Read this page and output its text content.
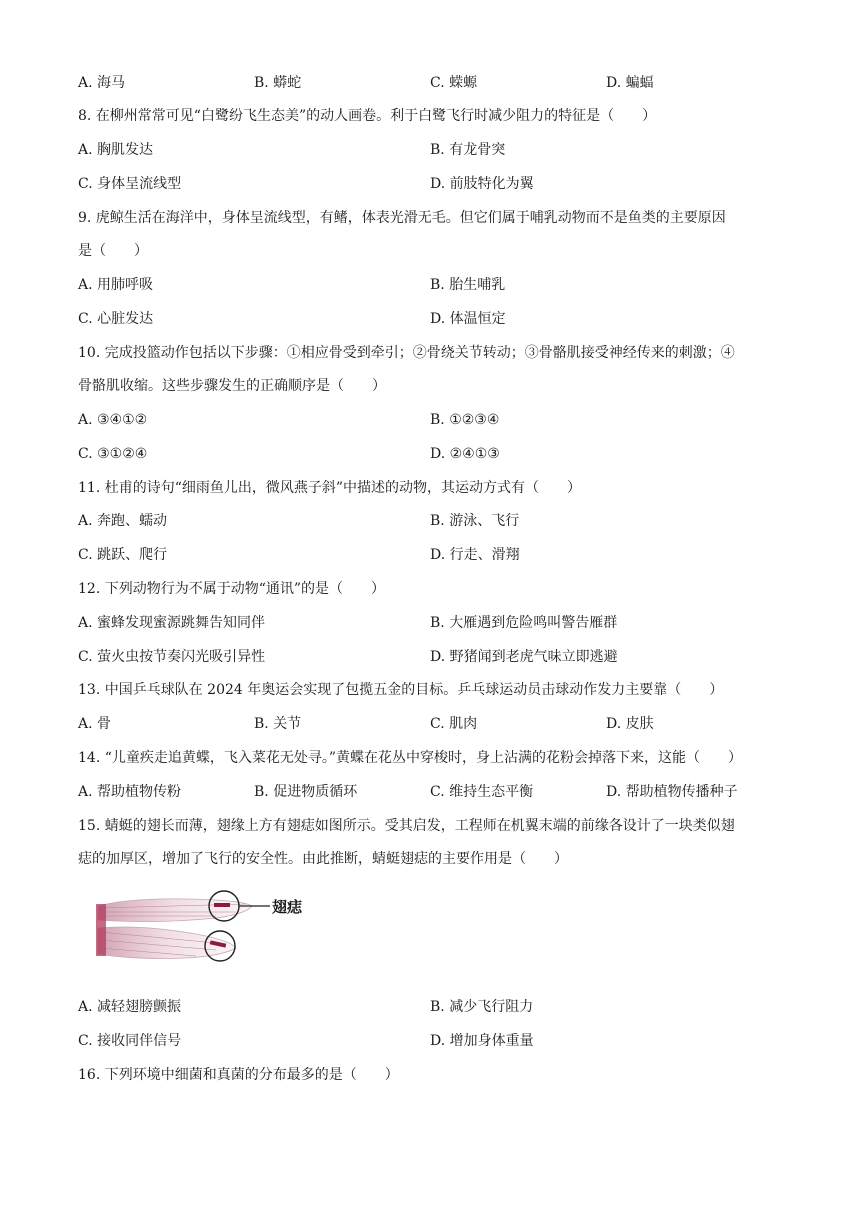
A. 海马	B. 蟒蛇	C. 蝾螈	D. 蝙蝠
8. 在柳州常常可见“白鹭纷飞生态美”的动人画卷。利于白鹭飞行时减少阻力的特征是（　　）
A. 胸肌发达	B. 有龙骨突
C. 身体呈流线型	D. 前肢特化为翼
9. 虎鲸生活在海洋中，身体呈流线型，有鳍，体表光滑无毛。但它们属于哺乳动物而不是鱼类的主要原因
是（　　）
A. 用肺呼吸	B. 胎生哺乳
C. 心脏发达	D. 体温恒定
10. 完成投篮动作包括以下步骤：①相应骨受到牵引；②骨绕关节转动；③骨骼肌接受神经传来的刺激；④
骨骼肌收缩。这些步骤发生的正确顺序是（　　）
A. ③④①②	B. ①②③④
C. ③①②④	D. ②④①③
11. 杜甫的诗句“细雨鱼儿出，微风燕子斜”中描述的动物，其运动方式有（　　）
A. 奔跑、蠕动	B. 游泳、飞行
C. 跳跃、爬行	D. 行走、滑翔
12. 下列动物行为不属于动物“通讯”的是（　　）
A. 蜜蜂发现蜜源跳舞告知同伴	B. 大雁遇到危险鸣叫警告雁群
C. 萤火虫按节奏闪光吸引异性	D. 野猪闻到老虎气味立即逃避
13. 中国乒乓球队在 2024 年奥运会实现了包揽五金的目标。乒乓球运动员击球动作发力主要靠（　　）
A. 骨	B. 关节	C. 肌肉	D. 皮肤
14. “儿童疾走追黄蝶，飞入菜花无处寻。”黄蝶在花丛中穿梭时，身上沾满的花粉会掉落下来，这能（　　）
A. 帮助植物传粉	B. 促进物质循环	C. 维持生态平衡	D. 帮助植物传播种子
15. 蜻蜓的翅长而薄，翅缘上方有翅痣如图所示。受其启发，工程师在机翼末端的前缘各设计了一块类似翅
痣的加厚区，增加了飞行的安全性。由此推断，蜻蜓翅痣的主要作用是（　　）
翅痣
A. 减轻翅膀颤振	B. 减少飞行阻力
C. 接收同伴信号	D. 增加身体重量
16. 下列环境中细菌和真菌的分布最多的是（　　）
